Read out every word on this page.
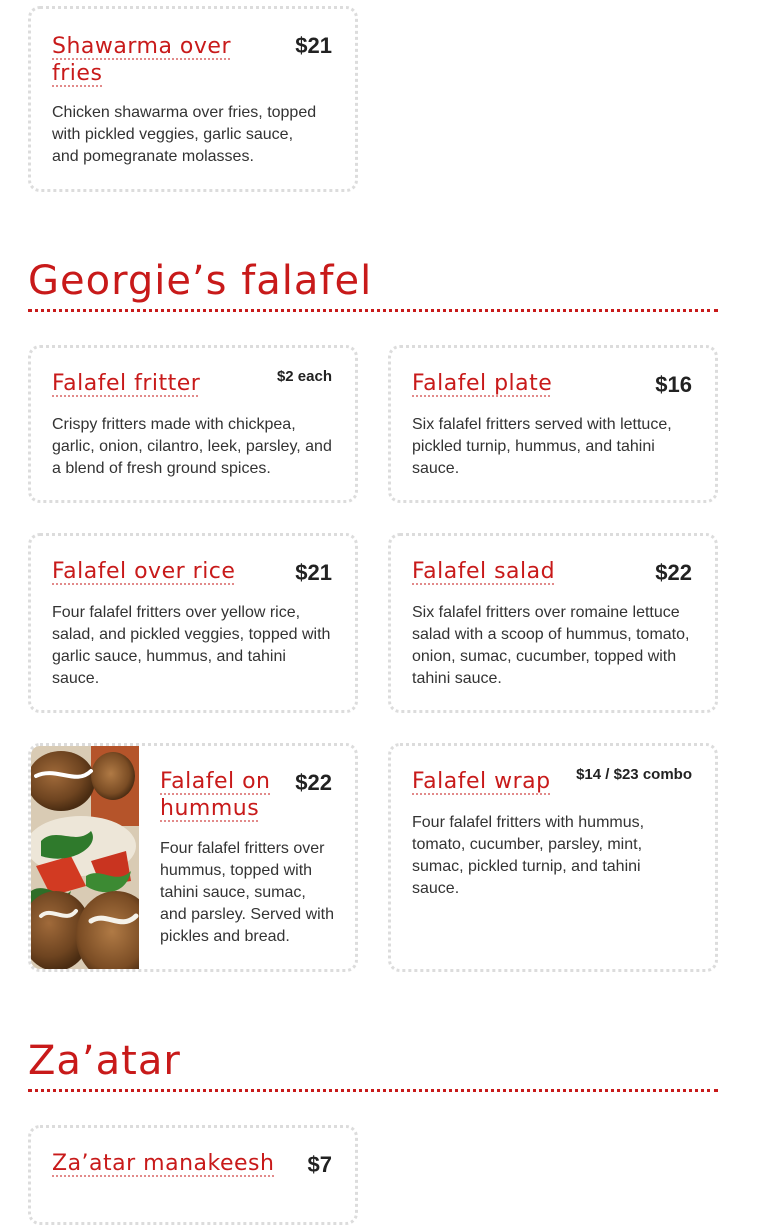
Shawarma over fries
$21

Chicken shawarma over fries, topped with pickled veggies, garlic sauce, and pomegranate molasses.

Georgie’s falafel
Falafel fritter	$2 each

Crispy fritters made with chickpea, garlic, onion, cilantro, leek, parsley, and a blend of fresh ground spices.

Falafel plate	$16

Six falafel fritters served with lettuce, pickled turnip, hummus, and tahini sauce.

Falafel over rice	$21

Four falafel fritters over yellow rice, salad, and pickled veggies, topped with garlic sauce, hummus, and tahini sauce.

Falafel salad	$22

Six falafel fritters over romaine lettuce salad with a scoop of hummus, tomato, onion, sumac, cucumber, topped with tahini sauce.

Falafel on hummus
$22

Four falafel fritters over hummus, topped with tahini sauce, sumac, and parsley. Served with pickles and bread.

Falafel wrap $14 / $23 combo

Four falafel fritters with hummus, tomato, cucumber, parsley, mint, sumac, pickled turnip, and tahini sauce.

Za’atar
Za’atar manakeesh $7
